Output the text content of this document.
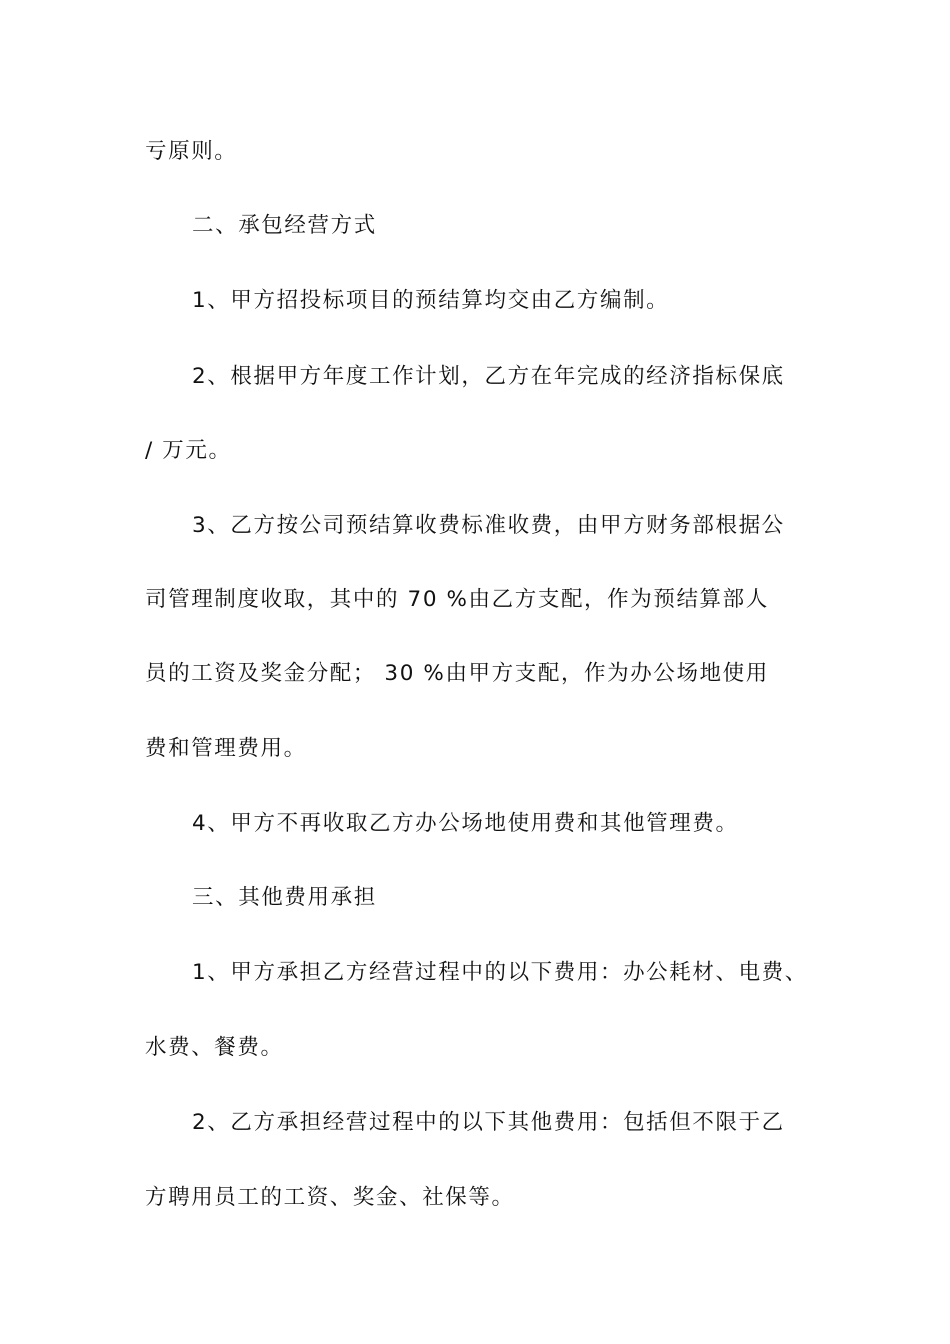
亏原则。
二、承包经营方式
1、甲方招投标项目的预结算均交由乙方编制。
2、根据甲方年度工作计划，乙方在年完成的经济指标保底
/ 万元。
3、乙方按公司预结算收费标准收费，由甲方财务部根据公
司管理制度收取，其中的 70 %由乙方支配，作为预结算部人
员的工资及奖金分配； 30 %由甲方支配，作为办公场地使用
费和管理费用。
4、甲方不再收取乙方办公场地使用费和其他管理费。
三、其他费用承担
1、甲方承担乙方经营过程中的以下费用：办公耗材、电费、
水费、餐费。
2、乙方承担经营过程中的以下其他费用：包括但不限于乙
方聘用员工的工资、奖金、社保等。
